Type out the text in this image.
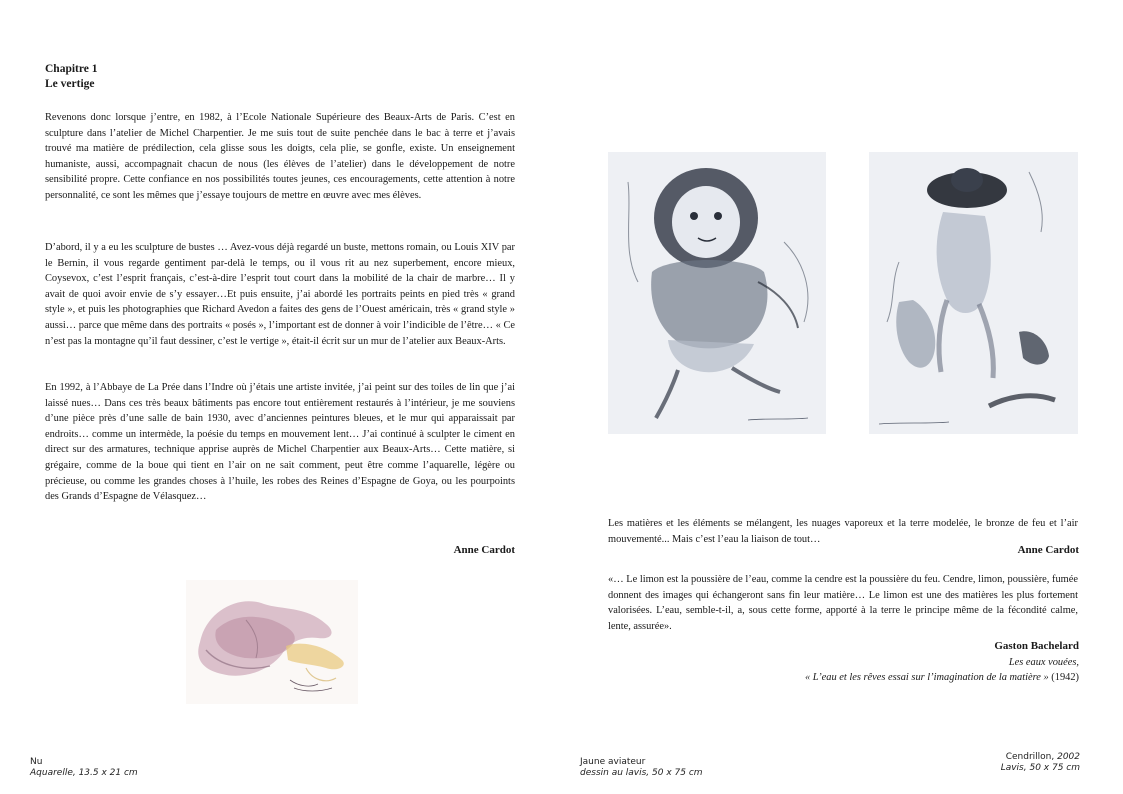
Chapitre 1
Le vertige

Revenons donc lorsque j’entre, en 1982, à l’Ecole Nationale Supérieure des Beaux-Arts de Paris. C’est en sculpture dans l’atelier de Michel Charpentier. Je me suis tout de suite penchée dans le bac à terre et j’avais trouvé ma matière de prédilection, cela glisse sous les doigts, cela plie, se gonfle, existe. Un enseignement humaniste, aussi, accompagnait chacun de nous (les élèves de l’atelier) dans le développement de notre sensibilité propre. Cette confiance en nos possibilités toutes jeunes, ces encouragements, cette attention à notre personnalité, ce sont les mêmes que j’essaye toujours de mettre en œuvre avec mes élèves.

D’abord, il y a eu les sculpture de bustes … Avez-vous déjà regardé un buste, mettons romain, ou Louis XIV par le Bernin, il vous regarde gentiment par-delà le temps, ou il vous rit au nez superbement, encore mieux, Coysevox, c’est l’esprit français, c’est-à-dire l’esprit tout court dans la mobilité de la chair de marbre… Il y avait de quoi avoir envie de s’y essayer…Et puis ensuite, j’ai abordé les portraits peints en pied très « grand style », et puis les photographies que Richard Avedon a faites des gens de l’Ouest américain, très « grand style » aussi… parce que même dans des portraits « posés », l’important est de donner à voir l’indicible de l’être… « Ce n’est pas la montagne qu’il faut dessiner, c’est le vertige », était-il écrit sur un mur de l’atelier aux Beaux-Arts.

En 1992, à l’Abbaye de La Prée dans l’Indre où j’étais une artiste invitée, j’ai peint sur des toiles de lin que j’ai laissé nues… Dans ces très beaux bâtiments pas encore tout entièrement restaurés à l’intérieur, je me souviens d’une pièce près d’une salle de bain 1930, avec d’anciennes peintures bleues, et le mur qui apparaissait par endroits… comme un intermède, la poésie du temps en mouvement lent… J’ai continué à sculpter le ciment en direct sur des armatures, technique apprise auprès de Michel Charpentier aux Beaux-Arts… Cette matière, si grégaire, comme de la boue qui tient en l’air on ne sait comment, peut être comme l’aquarelle, légère ou précieuse, ou comme les grandes choses à l’huile, les robes des Reines d’Espagne de Goya, ou les pourpoints des Grands d’Espagne de Vélasquez…

Anne Cardot
Nu
Aquarelle, 13.5 x 21 cm

Les matières et les éléments se mélangent, les nuages vaporeux et la terre modelée, le bronze de feu et l’air mouvementé... Mais c’est l’eau la liaison de tout…

Anne Cardot

«… Le limon est la poussière de l’eau, comme la cendre est la poussière du feu. Cendre, limon, poussière, fumée donnent des images qui échangeront sans fin leur matière… Le limon est une des matières les plus fortement valorisées. L’eau, semble-t-il, a, sous cette forme, apporté à la terre le principe même de la fécondité calme, lente, assurée».

Gaston Bachelard
Les eaux vouées,
« L’eau et les rêves essai sur l’imagination de la matière » (1942)
Jaune aviateur
dessin au lavis, 50 x 75 cm
Cendrillon, 2002
Lavis, 50 x 75 cm
